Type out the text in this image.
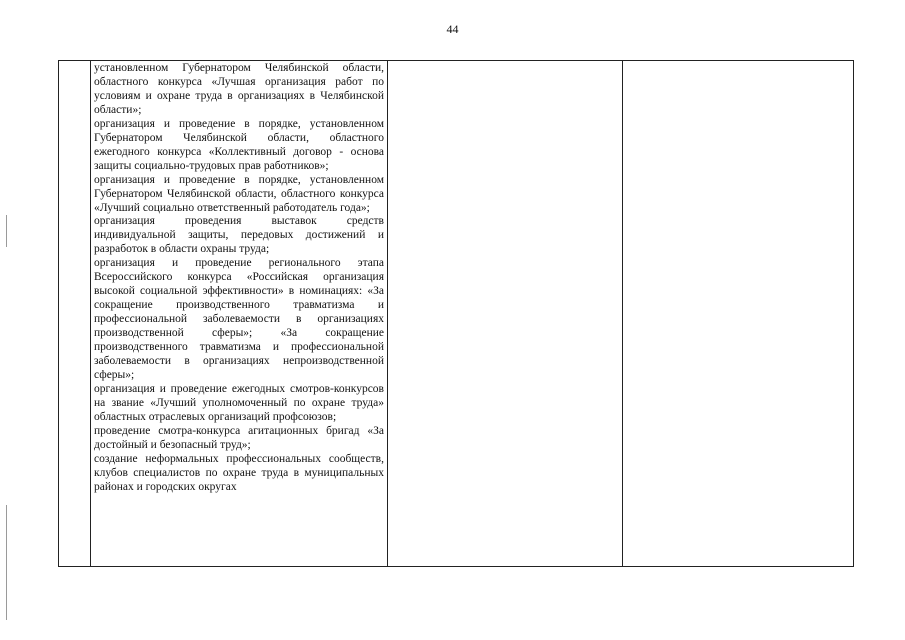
44

установленном Губернатором Челябинской области, областного конкурса «Лучшая организация работ по условиям и охране труда в организациях в Челябинской области»;

организация и проведение в порядке, установленном Губернатором Челябинской области, областного ежегодного конкурса «Коллективный договор - основа защиты социально-трудовых прав работников»;

организация и проведение в порядке, установленном Губернатором Челябинской области, областного конкурса «Лучший социально ответственный работодатель года»;

организация проведения выставок средств индивидуальной защиты, передовых достижений и разработок в области охраны труда;

организация и проведение регионального этапа Всероссийского конкурса «Российская организация высокой социальной эффективности» в номинациях: «За сокращение производственного травматизма и профессиональной заболеваемости в организациях производственной сферы»; «За сокращение производственного травматизма и профессиональной заболеваемости в организациях непроизводственной сферы»;

организация и проведение ежегодных смотров-конкурсов на звание «Лучший уполномоченный по охране труда» областных отраслевых организаций профсоюзов;

проведение смотра-конкурса агитационных бригад «За достойный и безопасный труд»;

создание неформальных профессиональных сообществ, клубов специалистов по охране труда в муниципальных районах и городских округах
